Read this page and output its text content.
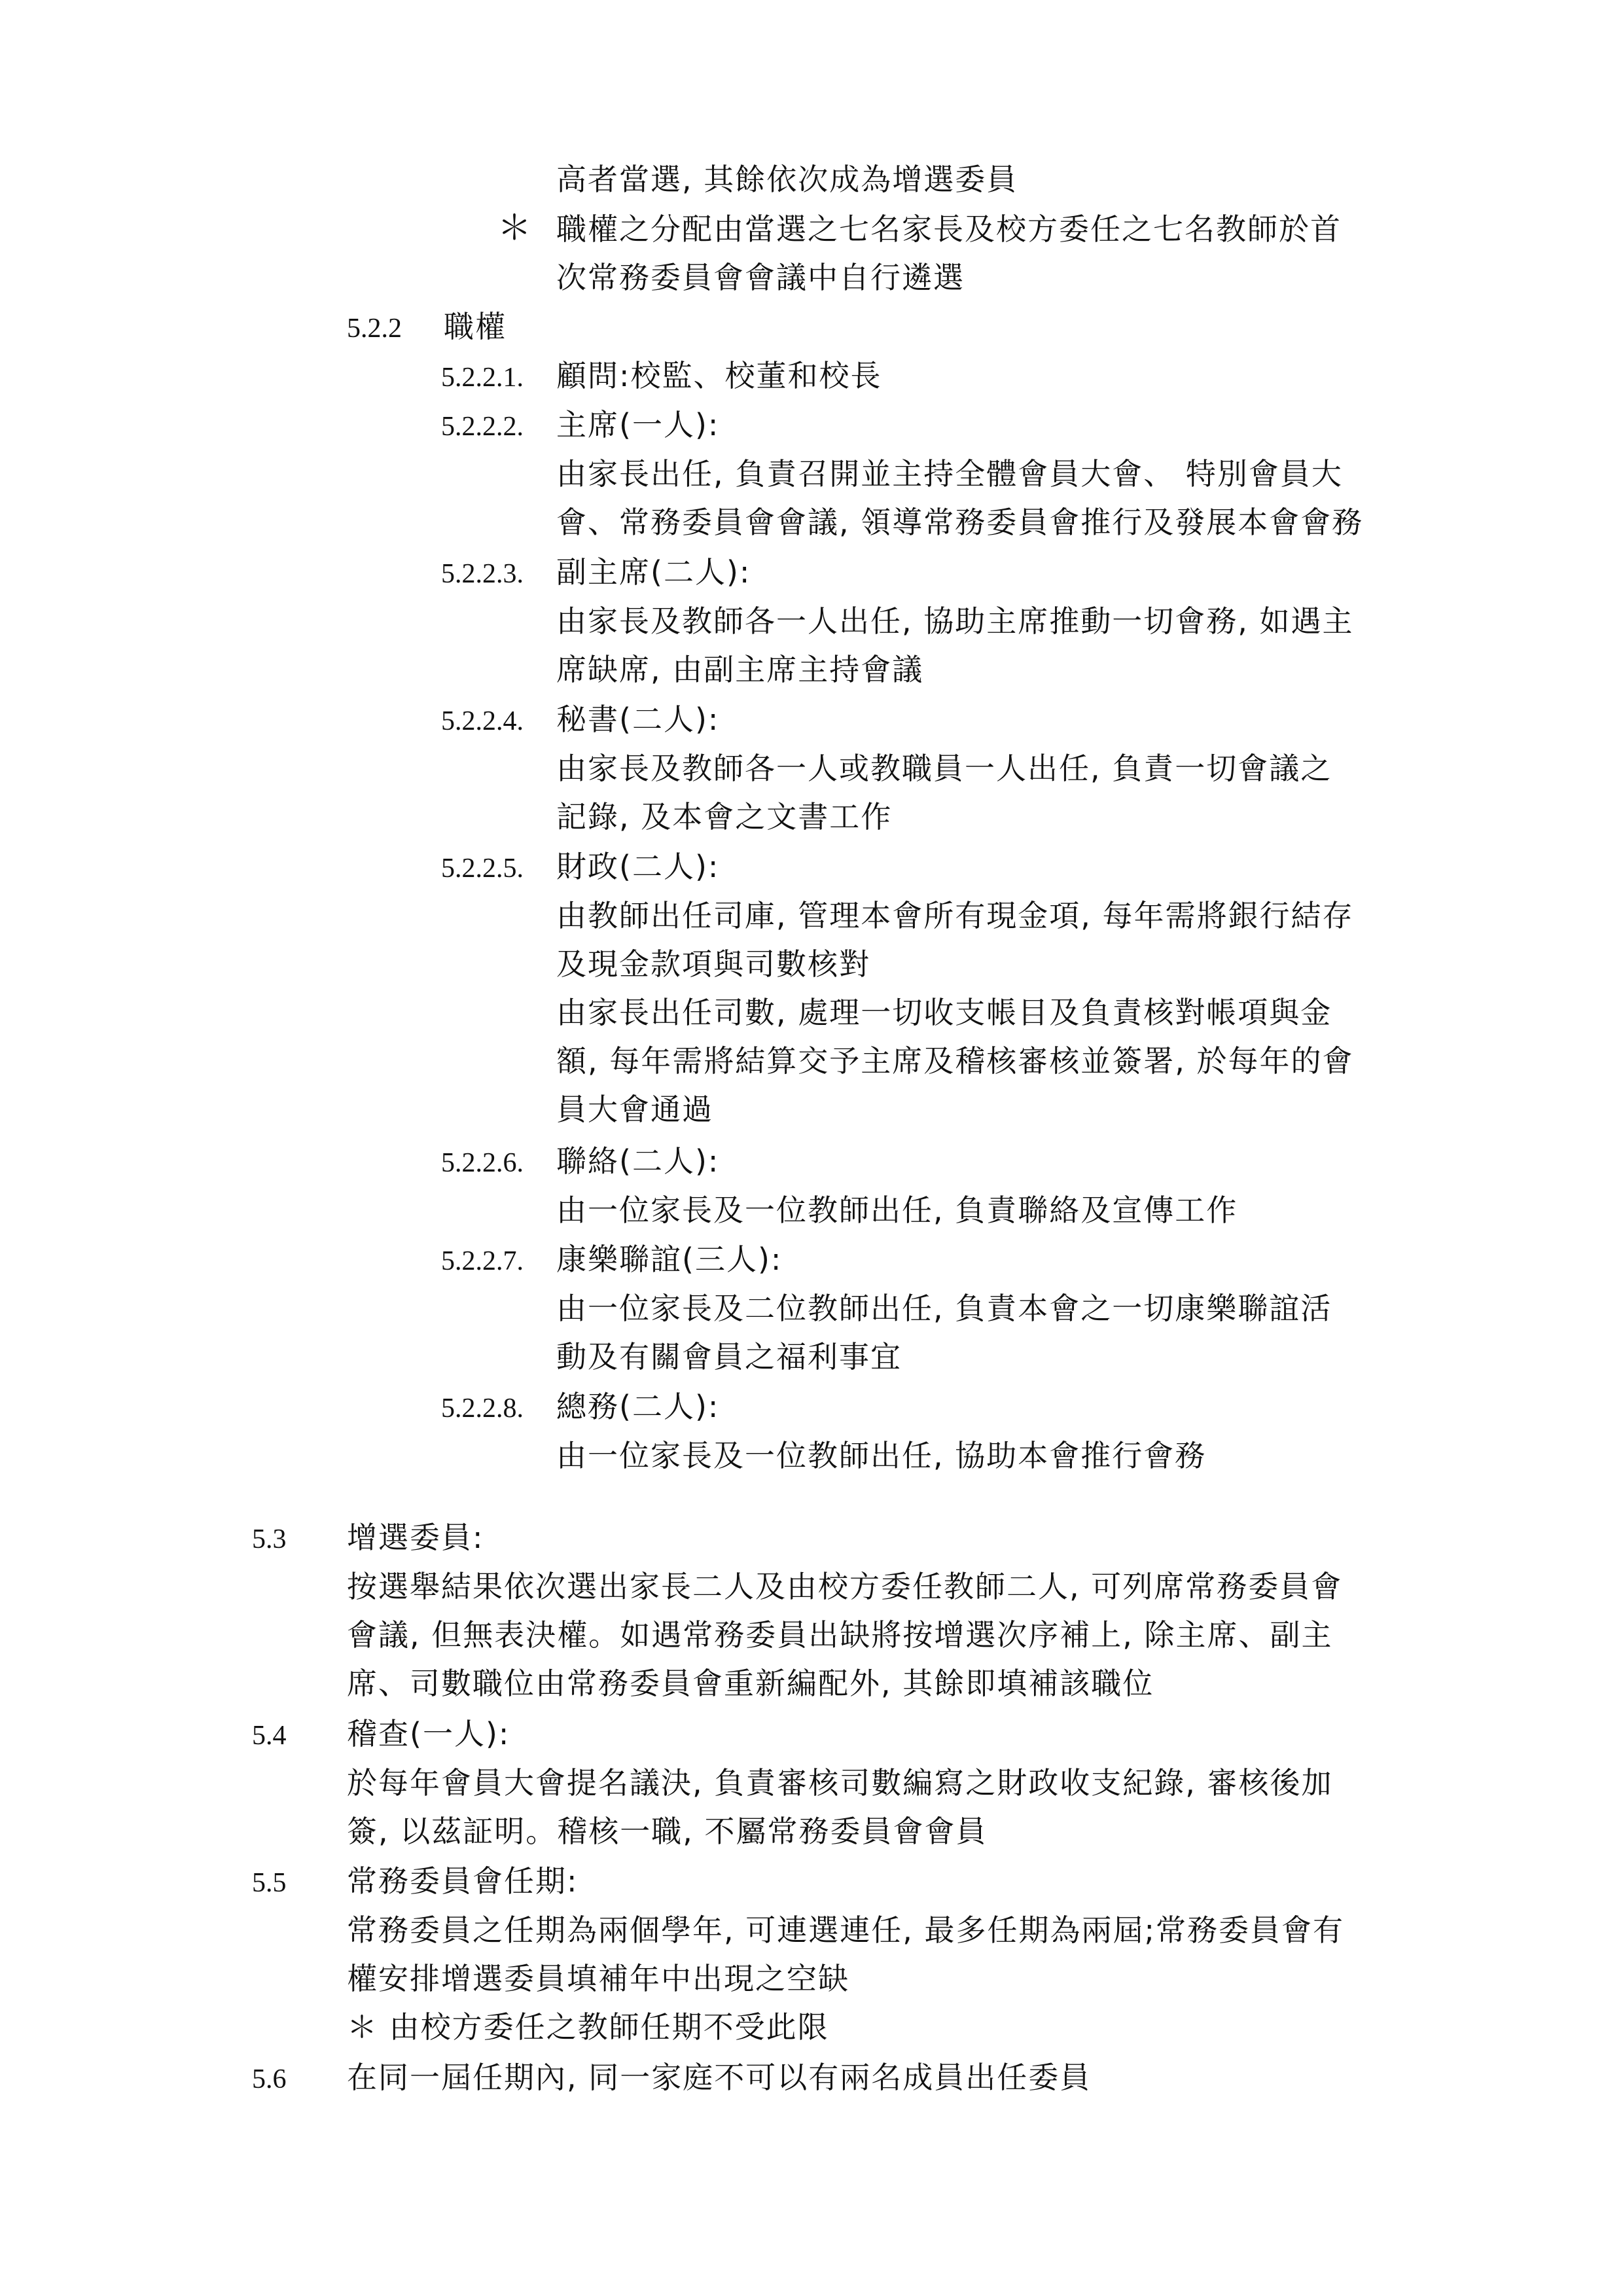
高者當選, 其餘依次成為增選委員
＊ 職權之分配由當選之七名家長及校方委任之七名教師於首
次常務委員會會議中自行遴選
5.2.2	職權
5.2.2.1.	顧問:校監、校董和校長
5.2.2.2.	主席(一人):
由家長出任, 負責召開並主持全體會員大會、 特別會員大
會、常務委員會會議, 領導常務委員會推行及發展本會會務
5.2.2.3.	副主席(二人):
由家長及教師各一人出任, 協助主席推動一切會務, 如遇主
席缺席, 由副主席主持會議
5.2.2.4.	秘書(二人):
由家長及教師各一人或教職員一人出任, 負責一切會議之
記錄, 及本會之文書工作
5.2.2.5.	財政(二人):
由教師出任司庫, 管理本會所有現金項, 每年需將銀行結存
及現金款項與司數核對
由家長出任司數, 處理一切收支帳目及負責核對帳項與金
額, 每年需將結算交予主席及稽核審核並簽署, 於每年的會
員大會通過
5.2.2.6.	聯絡(二人):
由一位家長及一位教師出任, 負責聯絡及宣傳工作
5.2.2.7.	康樂聯誼(三人):
由一位家長及二位教師出任, 負責本會之一切康樂聯誼活
動及有關會員之福利事宜
5.2.2.8.	總務(二人):
由一位家長及一位教師出任, 協助本會推行會務
5.3	增選委員:
按選舉結果依次選出家長二人及由校方委任教師二人, 可列席常務委員會
會議, 但無表決權。如遇常務委員出缺將按增選次序補上, 除主席、副主
席、司數職位由常務委員會重新編配外, 其餘即填補該職位
5.4	稽查(一人):
於每年會員大會提名議決, 負責審核司數編寫之財政收支紀錄, 審核後加
簽, 以茲証明。稽核一職, 不屬常務委員會會員
5.5	常務委員會任期:
常務委員之任期為兩個學年, 可連選連任, 最多任期為兩屆;常務委員會有
權安排增選委員填補年中出現之空缺
＊ 由校方委任之教師任期不受此限
5.6	在同一屆任期內, 同一家庭不可以有兩名成員出任委員
